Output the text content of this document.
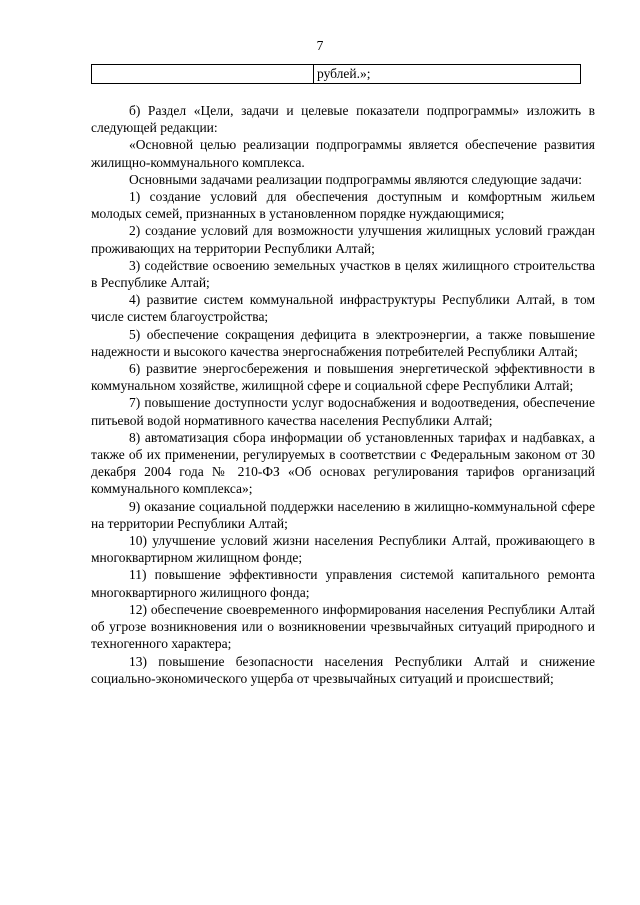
7
рублей.»;

б) Раздел «Цели, задачи и целевые показатели подпрограммы» изложить в следующей редакции:

«Основной целью реализации подпрограммы является обеспечение развития жилищно-коммунального комплекса.

Основными задачами реализации подпрограммы являются следующие задачи:

1) создание условий для обеспечения доступным и комфортным жильем молодых семей, признанных в установленном порядке нуждающимися;

2) создание условий для возможности улучшения жилищных условий граждан проживающих на территории Республики Алтай;

3) содействие освоению земельных участков в целях жилищного строительства в Республике Алтай;

4) развитие систем коммунальной инфраструктуры Республики Алтай, в том числе систем благоустройства;

5) обеспечение сокращения дефицита в электроэнергии, а также повышение надежности и высокого качества энергоснабжения потребителей Республики Алтай;

6) развитие энергосбережения и повышения энергетической эффективности в коммунальном хозяйстве, жилищной сфере и социальной сфере Республики Алтай;

7) повышение доступности услуг водоснабжения и водоотведения, обеспечение питьевой водой нормативного качества населения Республики Алтай;

8) автоматизация сбора информации об установленных тарифах и надбавках, а также об их применении, регулируемых в соответствии с Федеральным законом от 30 декабря 2004 года № 210-ФЗ «Об основах регулирования тарифов организаций коммунального комплекса»;

9) оказание социальной поддержки населению в жилищно-коммунальной сфере на территории Республики Алтай;

10) улучшение условий жизни населения Республики Алтай, проживающего в многоквартирном жилищном фонде;

11) повышение эффективности управления системой капитального ремонта многоквартирного жилищного фонда;

12) обеспечение своевременного информирования населения Республики Алтай об угрозе возникновения или о возникновении чрезвычайных ситуаций природного и техногенного характера;

13) повышение безопасности населения Республики Алтай и снижение социально-экономического ущерба от чрезвычайных ситуаций и происшествий;
